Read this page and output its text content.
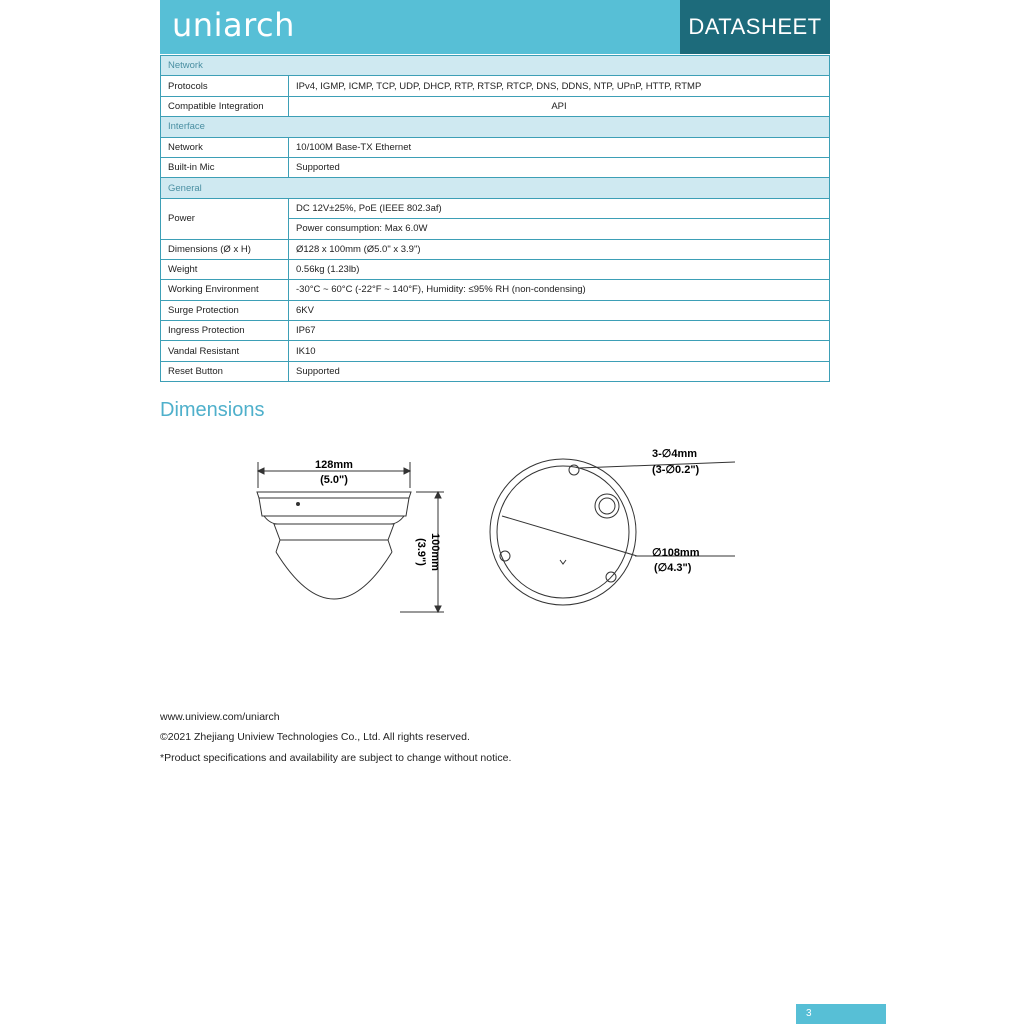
uniarch	DATASHEET
Network	
Protocols	IPv4, IGMP, ICMP, TCP, UDP, DHCP, RTP, RTSP, RTCP, DNS, DDNS, NTP, UPnP, HTTP, RTMP
Compatible Integration	API
Interface	
Network	10/100M Base-TX Ethernet
Built-in Mic	Supported
General	
Power	DC 12V±25%, PoE (IEEE 802.3af)
	Power consumption: Max 6.0W
Dimensions (Ø x H)	Ø128 x 100mm (Ø5.0" x 3.9")
Weight	0.56kg (1.23lb)
Working Environment	-30°C ~ 60°C (-22°F ~ 140°F), Humidity: ≤95% RH (non-condensing)
Surge Protection	6KV
Ingress Protection	IP67
Vandal Resistant	IK10
Reset Button	Supported
Dimensions
128mm
(5.0")
100mm
(3.9")
3-∅4mm
(3-∅0.2")
∅108mm
(∅4.3")
www.uniview.com/uniarch
©2021 Zhejiang Uniview Technologies Co., Ltd. All rights reserved.
*Product specifications and availability are subject to change without notice.
3
